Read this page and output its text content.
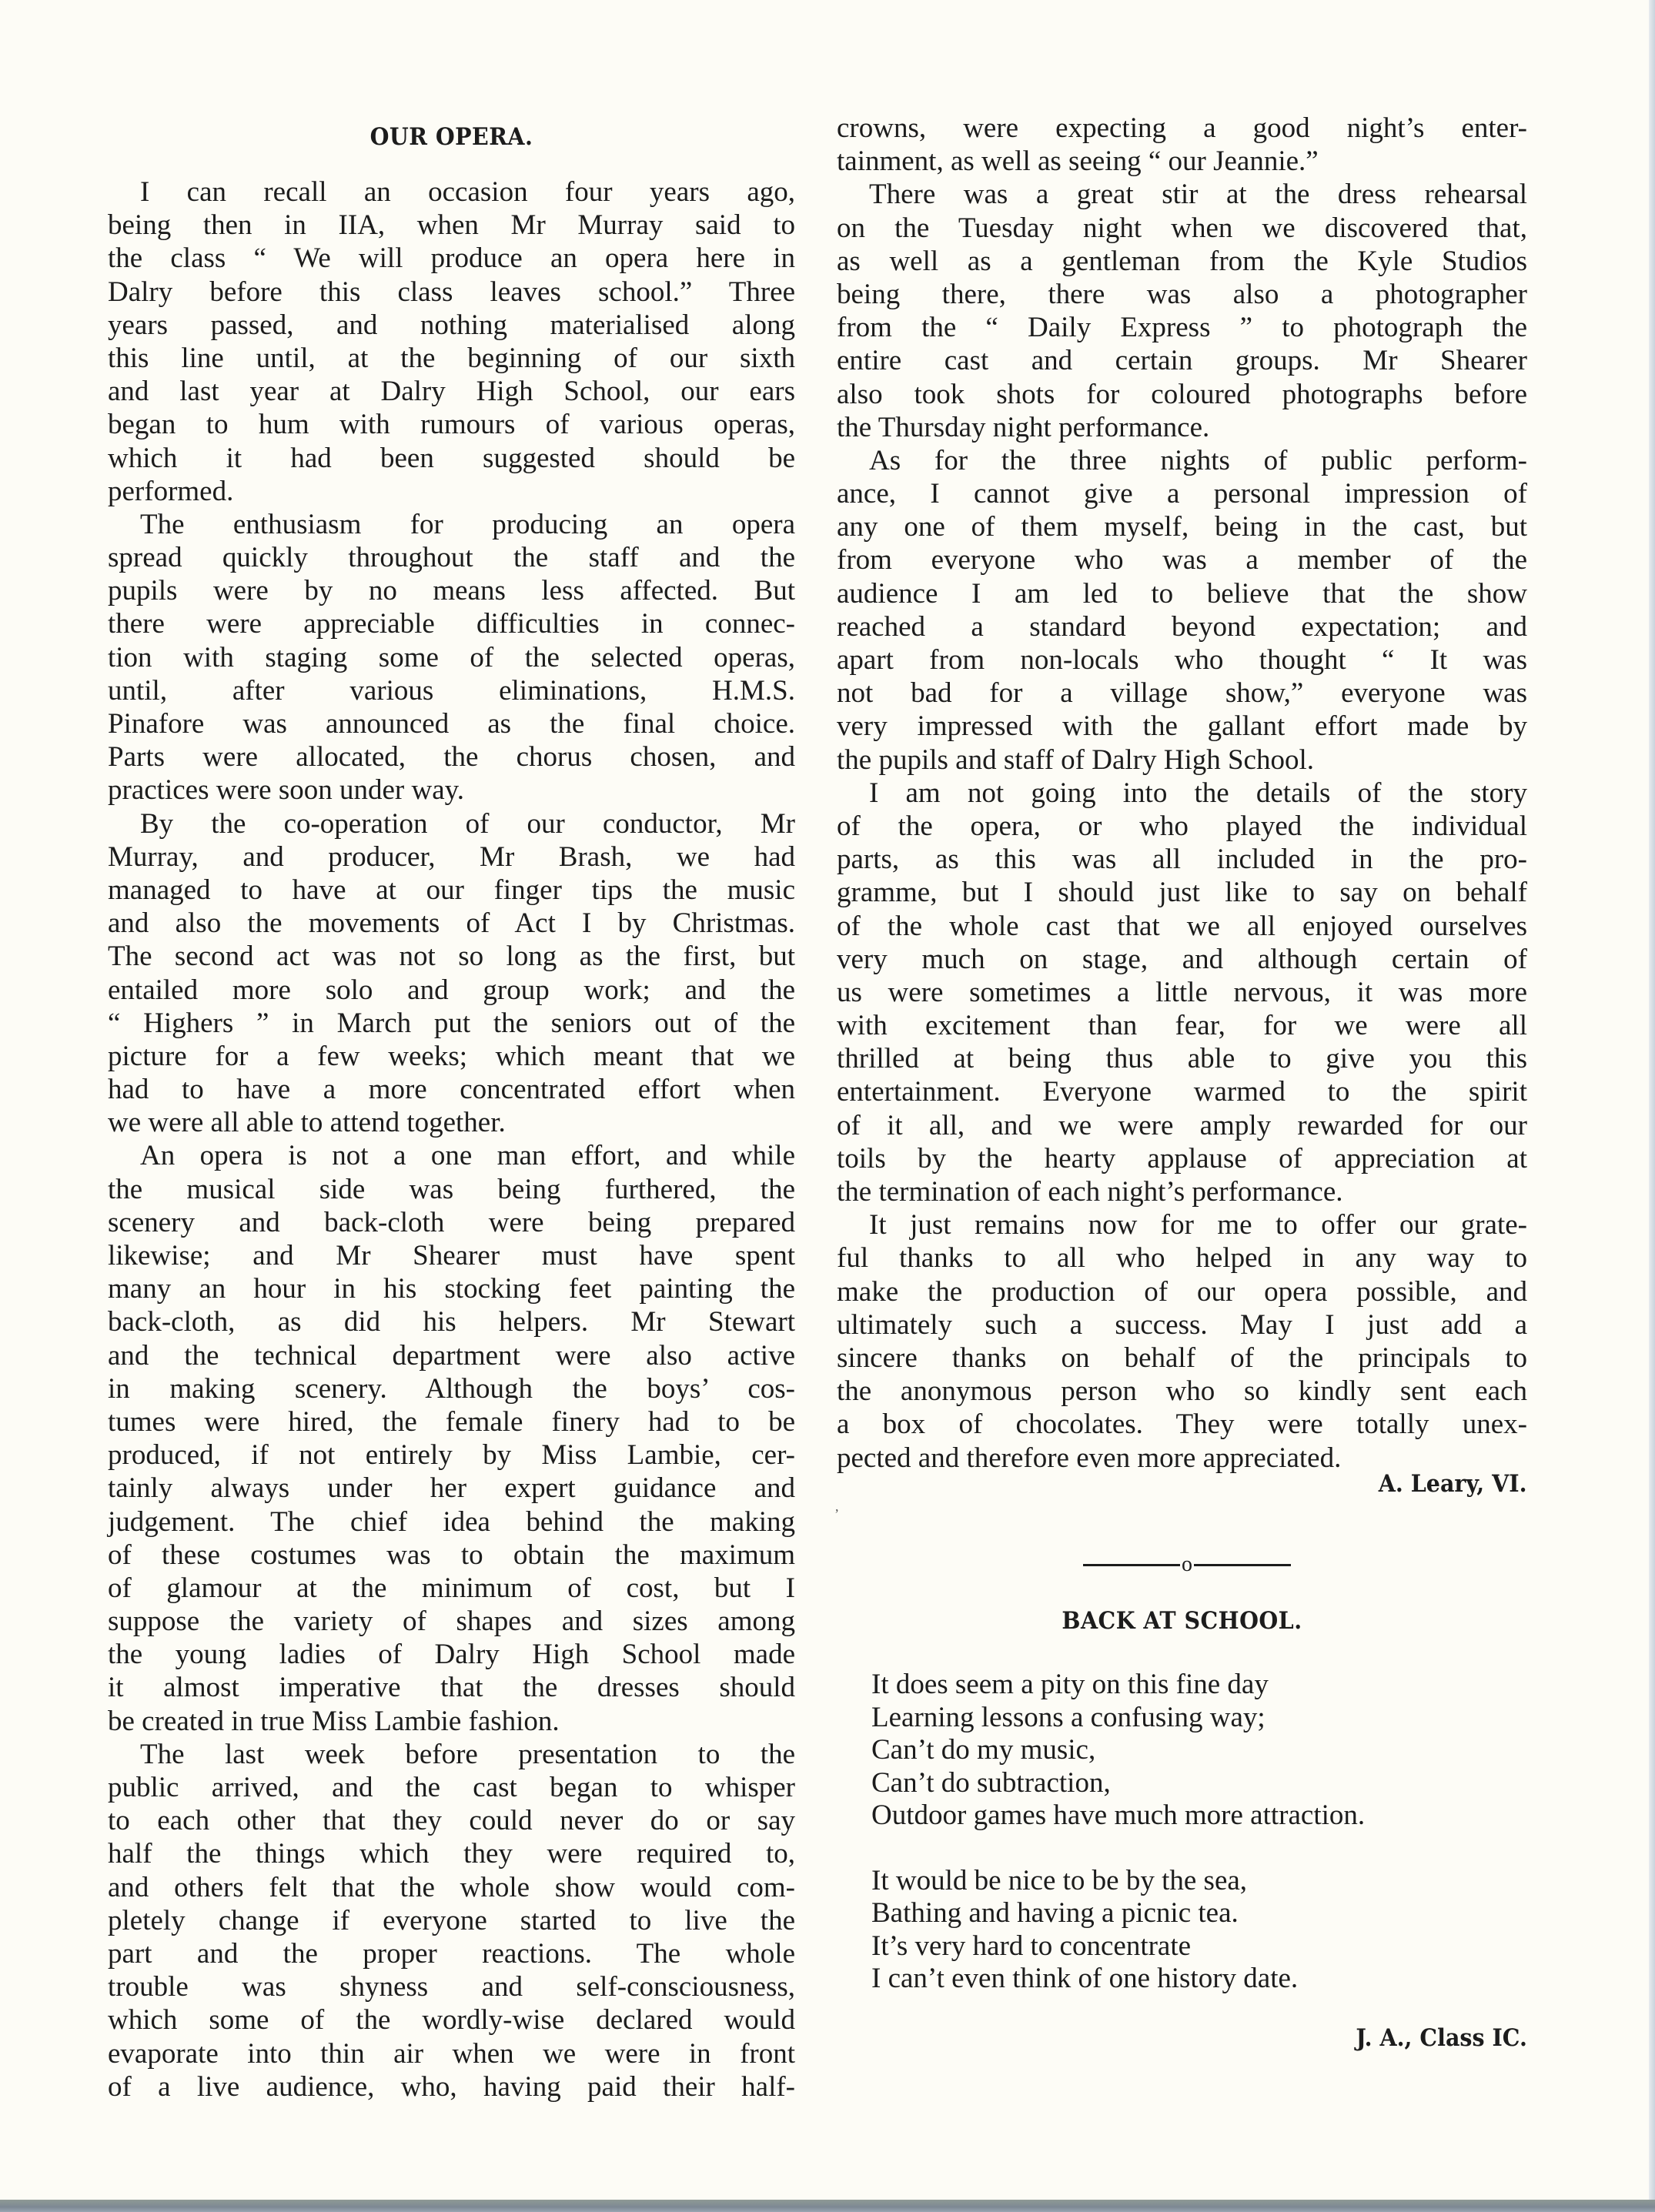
OUR OPERA.
I can recall an occasion four years ago,
being then in IIA, when Mr Murray said to
the class “ We will produce an opera here in
Dalry before this class leaves school.” Three
years passed, and nothing materialised along
this line until, at the beginning of our sixth
and last year at Dalry High School, our ears
began to hum with rumours of various operas,
which it had been suggested should be
performed.
The enthusiasm for producing an opera
spread quickly throughout the staff and the
pupils were by no means less affected. But
there were appreciable difficulties in connec-
tion with staging some of the selected operas,
until, after various eliminations, H.M.S.
Pinafore was announced as the final choice.
Parts were allocated, the chorus chosen, and
practices were soon under way.
By the co-operation of our conductor, Mr
Murray, and producer, Mr Brash, we had
managed to have at our finger tips the music
and also the movements of Act I by Christmas.
The second act was not so long as the first, but
entailed more solo and group work; and the
“ Highers ” in March put the seniors out of the
picture for a few weeks; which meant that we
had to have a more concentrated effort when
we were all able to attend together.
An opera is not a one man effort, and while
the musical side was being furthered, the
scenery and back-cloth were being prepared
likewise; and Mr Shearer must have spent
many an hour in his stocking feet painting the
back-cloth, as did his helpers. Mr Stewart
and the technical department were also active
in making scenery. Although the boys’ cos-
tumes were hired, the female finery had to be
produced, if not entirely by Miss Lambie, cer-
tainly always under her expert guidance and
judgement. The chief idea behind the making
of these costumes was to obtain the maximum
of glamour at the minimum of cost, but I
suppose the variety of shapes and sizes among
the young ladies of Dalry High School made
it almost imperative that the dresses should
be created in true Miss Lambie fashion.
The last week before presentation to the
public arrived, and the cast began to whisper
to each other that they could never do or say
half the things which they were required to,
and others felt that the whole show would com-
pletely change if everyone started to live the
part and the proper reactions. The whole
trouble was shyness and self-consciousness,
which some of the wordly-wise declared would
evaporate into thin air when we were in front
of a live audience, who, having paid their half-
crowns, were expecting a good night’s enter-
tainment, as well as seeing “ our Jeannie.”
There was a great stir at the dress rehearsal
on the Tuesday night when we discovered that,
as well as a gentleman from the Kyle Studios
being there, there was also a photographer
from the “ Daily Express ” to photograph the
entire cast and certain groups. Mr Shearer
also took shots for coloured photographs before
the Thursday night performance.
As for the three nights of public perform-
ance, I cannot give a personal impression of
any one of them myself, being in the cast, but
from everyone who was a member of the
audience I am led to believe that the show
reached a standard beyond expectation; and
apart from non-locals who thought “ It was
not bad for a village show,” everyone was
very impressed with the gallant effort made by
the pupils and staff of Dalry High School.
I am not going into the details of the story
of the opera, or who played the individual
parts, as this was all included in the pro-
gramme, but I should just like to say on behalf
of the whole cast that we all enjoyed ourselves
very much on stage, and although certain of
us were sometimes a little nervous, it was more
with excitement than fear, for we were all
thrilled at being thus able to give you this
entertainment. Everyone warmed to the spirit
of it all, and we were amply rewarded for our
toils by the hearty applause of appreciation at
the termination of each night’s performance.
It just remains now for me to offer our grate-
ful thanks to all who helped in any way to
make the production of our opera possible, and
ultimately such a success. May I just add a
sincere thanks on behalf of the principals to
the anonymous person who so kindly sent each
a box of chocolates. They were totally unex-
pected and therefore even more appreciated.
A. Leary, VI.
o
BACK AT SCHOOL.
It does seem a pity on this fine day
Learning lessons a confusing way;
Can’t do my music,
Can’t do subtraction,
Outdoor games have much more attraction.
It would be nice to be by the sea,
Bathing and having a picnic tea.
It’s very hard to concentrate
I can’t even think of one history date.
J. A., Class IC.
,
